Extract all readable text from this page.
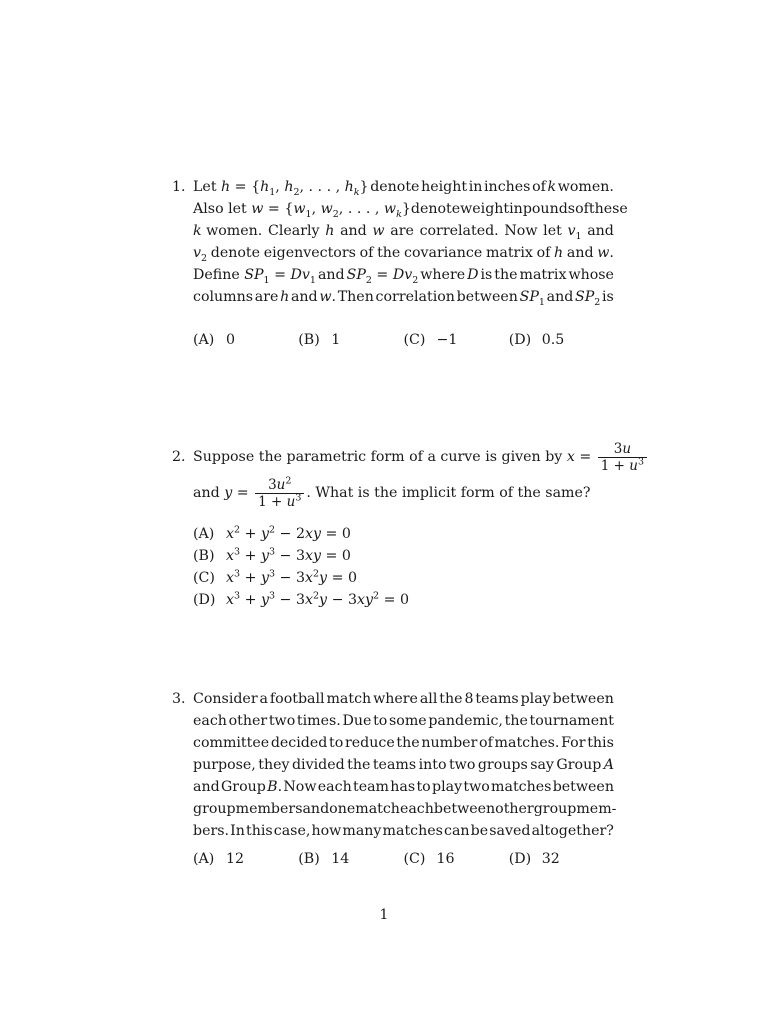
1. Let $h = \{h_1$, $h_2$, . . . , $h_k$} denote height in inches of k women.
Also let $w = \{w_1$, $w_2$, . . . , $w_k$} denote weight in pounds of these
k women. Clearly h and w are correlated. Now let $v_1$ and
$v_2$ denote eigenvectors of the covariance matrix of h and w.
Define $SP_1 = Dv_1$ and $SP_2 = Dv_2$ where D is the matrix whose
columns are h and w. Then correlation between $SP_1$ and $SP_2$ is
(A) 0	(B) 1	(C) −1	(D) 0.5
2. Suppose the parametric form of a curve is given by $x = \frac{3u}{1 + u^3}$
and $y = \frac{3u^2}{1 + u^3}$ . What is the implicit form of the same?
(A) $x^2 + y^2 - 2xy = 0$
(B) $x^3 + y^3 - 3xy = 0$
(C) $x^3 + y^3 - 3x^2y = 0$
(D) $x^3 + y^3 - 3x^2y - 3xy^2 = 0$
3. Consider a football match where all the 8 teams play between
each other two times. Due to some pandemic, the tournament
committee decided to reduce the number of matches. For this
purpose, they divided the teams into two groups say Group A
and Group B. Now each team has to play two matches between
group members and one match each between other group mem-
bers. In this case, how many matches can be saved altogether?
(A) 12	(B) 14	(C) 16	(D) 32
1
